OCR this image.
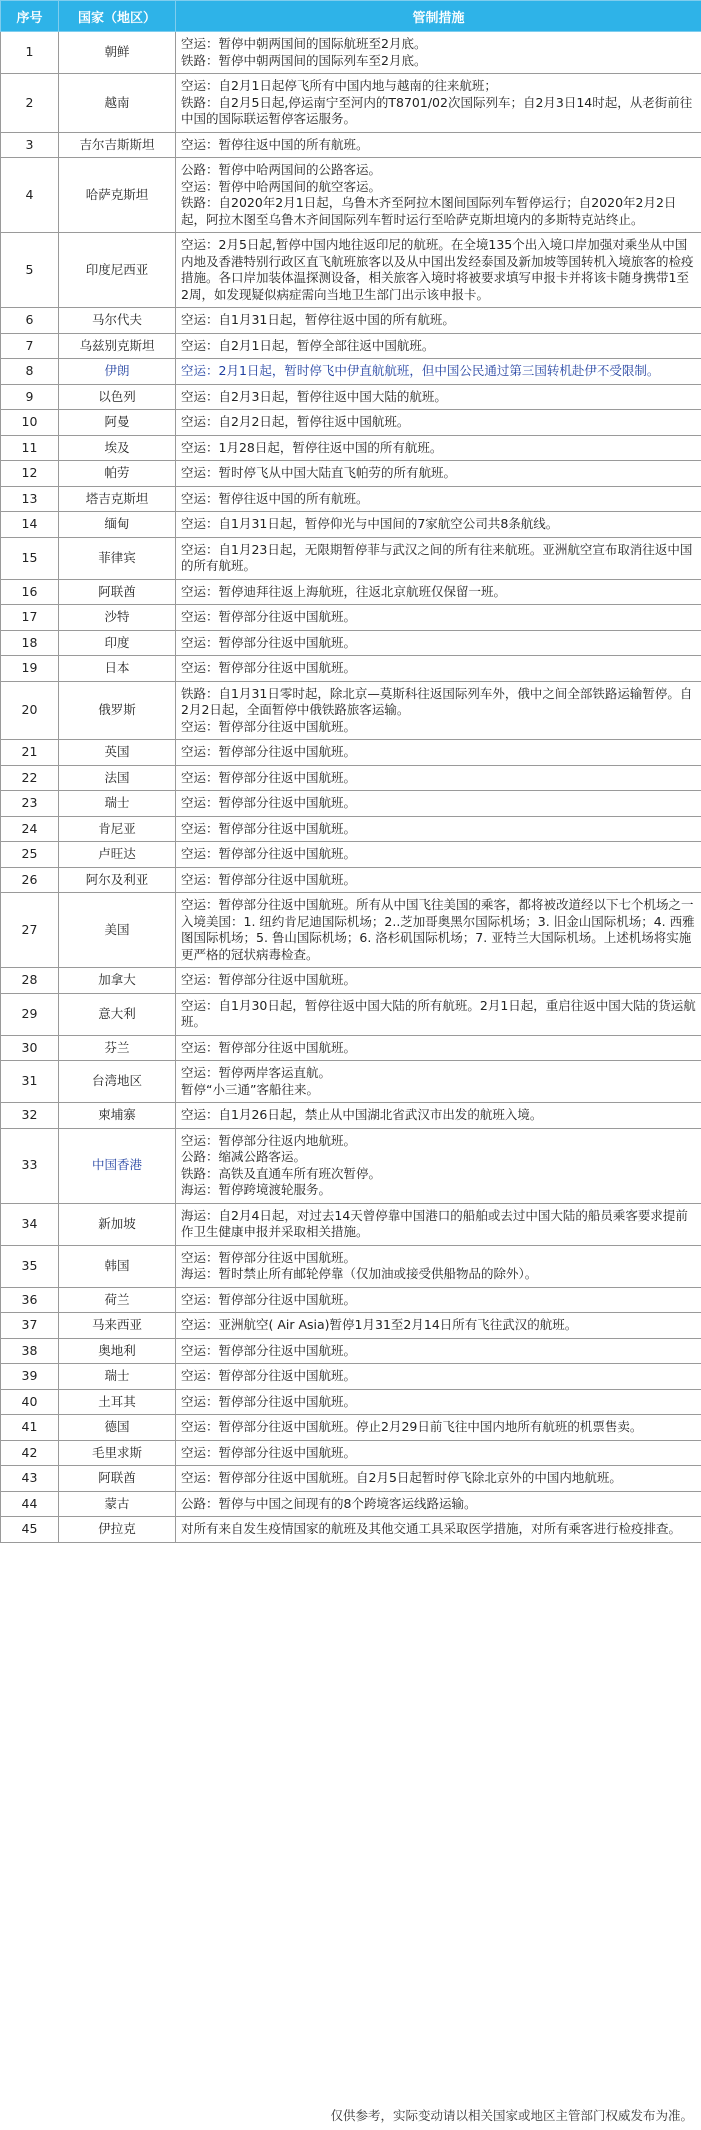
序号	国家（地区）	管制措施
1	朝鲜	空运：暂停中朝两国间的国际航班至2月底。
铁路：暂停中朝两国间的国际列车至2月底。

2	越南	空运：自2月1日起停飞所有中国内地与越南的往来航班；
铁路：自2月5日起,停运南宁至河内的T8701/02次国际列车；自2月3日14时起，从老街前往中国的国际联运暂停客运服务。

3	吉尔吉斯斯坦	空运：暂停往返中国的所有航班。

4	哈萨克斯坦	公路：暂停中哈两国间的公路客运。
空运：暂停中哈两国间的航空客运。
铁路：自2020年2月1日起，乌鲁木齐至阿拉木图间国际列车暂停运行；自2020年2月2日起，阿拉木图至乌鲁木齐间国际列车暂时运行至哈萨克斯坦境内的多斯特克站终止。

5	印度尼西亚	空运：2月5日起,暂停中国内地往返印尼的航班。在全境135个出入境口岸加强对乘坐从中国内地及香港特别行政区直飞航班旅客以及从中国出发经泰国及新加坡等国转机入境旅客的检疫措施。各口岸加装体温探测设备，相关旅客入境时将被要求填写申报卡并将该卡随身携带1至2周，如发现疑似病症需向当地卫生部门出示该申报卡。

6	马尔代夫	空运：自1月31日起，暂停往返中国的所有航班。

7	乌兹别克斯坦	空运：自2月1日起，暂停全部往返中国航班。

8	伊朗	空运：2月1日起，暂时停飞中伊直航航班，但中国公民通过第三国转机赴伊不受限制。

9	以色列	空运：自2月3日起，暂停往返中国大陆的航班。

10	阿曼	空运：自2月2日起，暂停往返中国航班。

11	埃及	空运：1月28日起，暂停往返中国的所有航班。

12	帕劳	空运：暂时停飞从中国大陆直飞帕劳的所有航班。

13	塔吉克斯坦	空运：暂停往返中国的所有航班。

14	缅甸	空运：自1月31日起，暂停仰光与中国间的7家航空公司共8条航线。

15	菲律宾	空运：自1月23日起，无限期暂停菲与武汉之间的所有往来航班。亚洲航空宣布取消往返中国的所有航班。

16	阿联酋	空运：暂停迪拜往返上海航班，往返北京航班仅保留一班。

17	沙特	空运：暂停部分往返中国航班。

18	印度	空运：暂停部分往返中国航班。

19	日本	空运：暂停部分往返中国航班。

20	俄罗斯	铁路：自1月31日零时起，除北京—莫斯科往返国际列车外，俄中之间全部铁路运输暂停。自2月2日起，全面暂停中俄铁路旅客运输。
空运：暂停部分往返中国航班。

21	英国	空运：暂停部分往返中国航班。

22	法国	空运：暂停部分往返中国航班。

23	瑞士	空运：暂停部分往返中国航班。

24	肯尼亚	空运：暂停部分往返中国航班。

25	卢旺达	空运：暂停部分往返中国航班。

26	阿尔及利亚	空运：暂停部分往返中国航班。

27	美国	空运：暂停部分往返中国航班。所有从中国飞往美国的乘客，都将被改道经以下七个机场之一入境美国：1. 纽约肯尼迪国际机场；2..芝加哥奥黑尔国际机场；3. 旧金山国际机场；4. 西雅图国际机场；5. 鲁山国际机场；6. 洛杉矶国际机场；7. 亚特兰大国际机场。上述机场将实施更严格的冠状病毒检查。

28	加拿大	空运：暂停部分往返中国航班。

29	意大利	空运：自1月30日起，暂停往返中国大陆的所有航班。2月1日起，重启往返中国大陆的货运航班。

30	芬兰	空运：暂停部分往返中国航班。

31	台湾地区	空运：暂停两岸客运直航。
暂停“小三通”客船往来。

32	柬埔寨	空运：自1月26日起，禁止从中国湖北省武汉市出发的航班入境。

33	中国香港	空运：暂停部分往返内地航班。
公路：缩减公路客运。
铁路：高铁及直通车所有班次暂停。
海运：暂停跨境渡轮服务。

34	新加坡	海运：自2月4日起，对过去14天曾停靠中国港口的船舶或去过中国大陆的船员乘客要求提前作卫生健康申报并采取相关措施。

35	韩国	空运：暂停部分往返中国航班。
海运：暂时禁止所有邮轮停靠（仅加油或接受供船物品的除外）。

36	荷兰	空运：暂停部分往返中国航班。

37	马来西亚	空运：亚洲航空( Air Asia)暂停1月31至2月14日所有飞往武汉的航班。

38	奥地利	空运：暂停部分往返中国航班。

39	瑞士	空运：暂停部分往返中国航班。

40	土耳其	空运：暂停部分往返中国航班。

41	德国	空运：暂停部分往返中国航班。停止2月29日前飞往中国内地所有航班的机票售卖。

42	毛里求斯	空运：暂停部分往返中国航班。

43	阿联酋	空运：暂停部分往返中国航班。自2月5日起暂时停飞除北京外的中国内地航班。

44	蒙古	公路：暂停与中国之间现有的8个跨境客运线路运输。

45	伊拉克	对所有来自发生疫情国家的航班及其他交通工具采取医学措施，对所有乘客进行检疫排查。
仅供参考，实际变动请以相关国家或地区主管部门权威发布为准。
